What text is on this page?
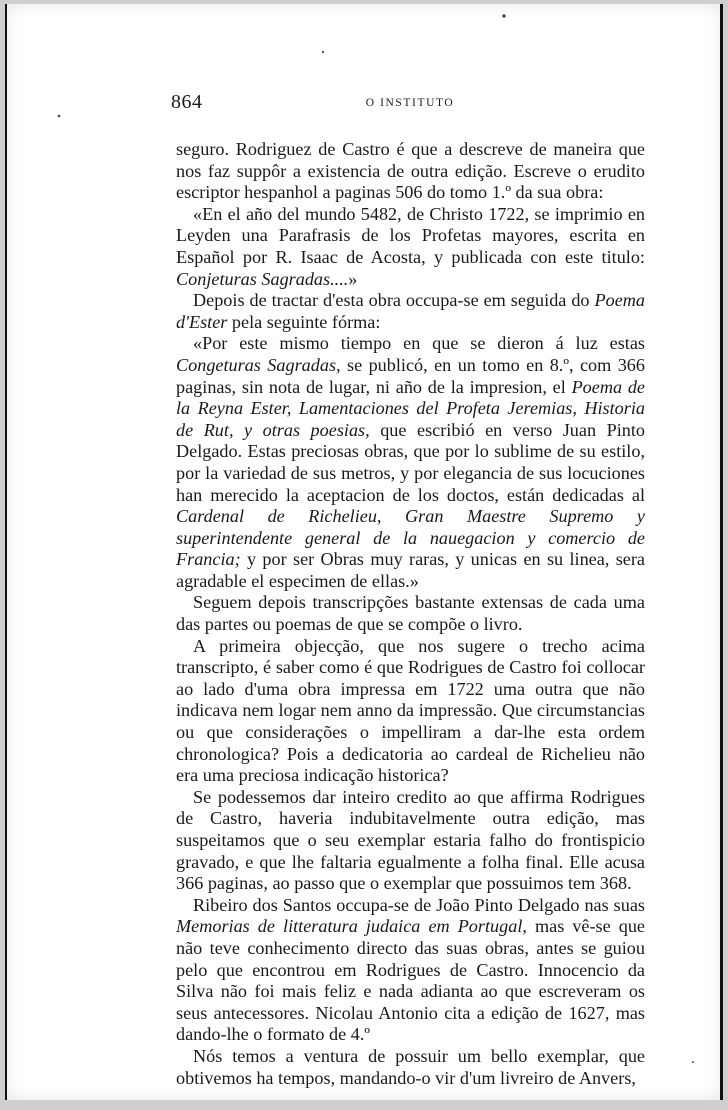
864	O INSTITUTO

seguro. Rodriguez de Castro é que a descreve de maneira que nos faz suppôr a existencia de outra edição. Escreve o erudito escriptor hespanhol a paginas 506 do tomo 1.º da sua obra:

«En el año del mundo 5482, de Christo 1722, se imprimio en Leyden una Parafrasis de los Profetas mayores, escrita en Español por R. Isaac de Acosta, y publicada con este titulo: Conjeturas Sagradas....»

Depois de tractar d'esta obra occupa-se em seguida do Poema d'Ester pela seguinte fórma:

«Por este mismo tiempo en que se dieron á luz estas Congeturas Sagradas, se publicó, en un tomo en 8.º, com 366 paginas, sin nota de lugar, ni año de la impresion, el Poema de la Reyna Ester, Lamentaciones del Profeta Jeremias, Historia de Rut, y otras poesias, que escribió en verso Juan Pinto Delgado. Estas preciosas obras, que por lo sublime de su estilo, por la variedad de sus metros, y por elegancia de sus locuciones han merecido la aceptacion de los doctos, están dedicadas al Cardenal de Richelieu, Gran Maestre Supremo y superintendente general de la nauegacion y comercio de Francia; y por ser Obras muy raras, y unicas en su linea, sera agradable el especimen de ellas.»

Seguem depois transcripções bastante extensas de cada uma das partes ou poemas de que se compõe o livro.

A primeira objecção, que nos sugere o trecho acima transcripto, é saber como é que Rodrigues de Castro foi collocar ao lado d'uma obra impressa em 1722 uma outra que não indicava nem logar nem anno da impressão. Que circumstancias ou que considerações o impelliram a dar-lhe esta ordem chronologica? Pois a dedicatoria ao cardeal de Richelieu não era uma preciosa indicação historica?

Se podessemos dar inteiro credito ao que affirma Rodrigues de Castro, haveria indubitavelmente outra edição, mas suspeitamos que o seu exemplar estaria falho do frontispicio gravado, e que lhe faltaria egualmente a folha final. Elle acusa 366 paginas, ao passo que o exemplar que possuimos tem 368.

Ribeiro dos Santos occupa-se de João Pinto Delgado nas suas Memorias de litteratura judaica em Portugal, mas vê-se que não teve conhecimento directo das suas obras, antes se guiou pelo que encontrou em Rodrigues de Castro. Innocencio da Silva não foi mais feliz e nada adianta ao que escreveram os seus antecessores. Nicolau Antonio cita a edição de 1627, mas dando-lhe o formato de 4.º

Nós temos a ventura de possuir um bello exemplar, que obtivemos ha tempos, mandando-o vir d'um livreiro de Anvers,
